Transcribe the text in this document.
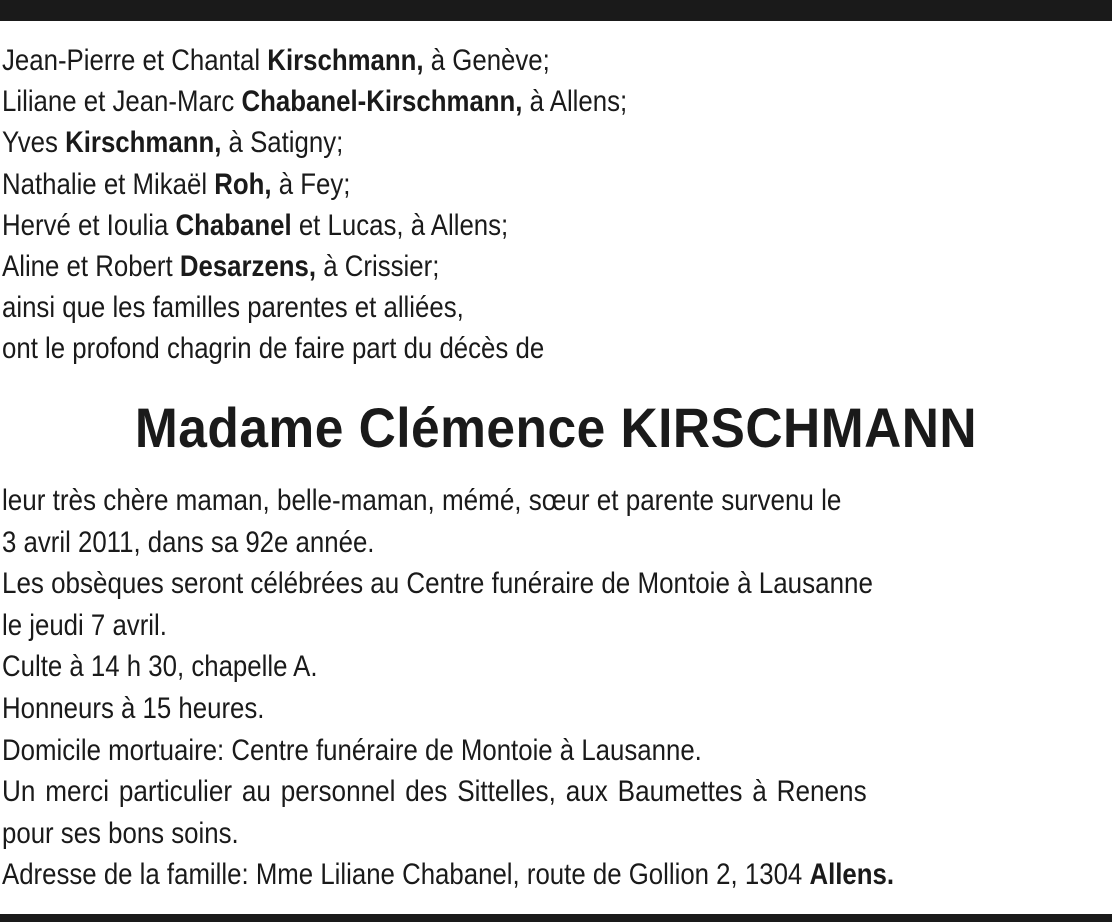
Jean-Pierre et Chantal Kirschmann, à Genève;
Liliane et Jean-Marc Chabanel-Kirschmann, à Allens;
Yves Kirschmann, à Satigny;
Nathalie et Mikaël Roh, à Fey;
Hervé et Ioulia Chabanel et Lucas, à Allens;
Aline et Robert Desarzens, à Crissier;
ainsi que les familles parentes et alliées,
ont le profond chagrin de faire part du décès de
Madame Clémence KIRSCHMANN
leur très chère maman, belle-maman, mémé, sœur et parente survenu le
3 avril 2011, dans sa 92e année.
Les obsèques seront célébrées au Centre funéraire de Montoie à Lausanne
le jeudi 7 avril.
Culte à 14 h 30, chapelle A.
Honneurs à 15 heures.
Domicile mortuaire: Centre funéraire de Montoie à Lausanne.
Un merci particulier au personnel des Sittelles, aux Baumettes à Renens
pour ses bons soins.
Adresse de la famille: Mme Liliane Chabanel, route de Gollion 2, 1304 Allens.
